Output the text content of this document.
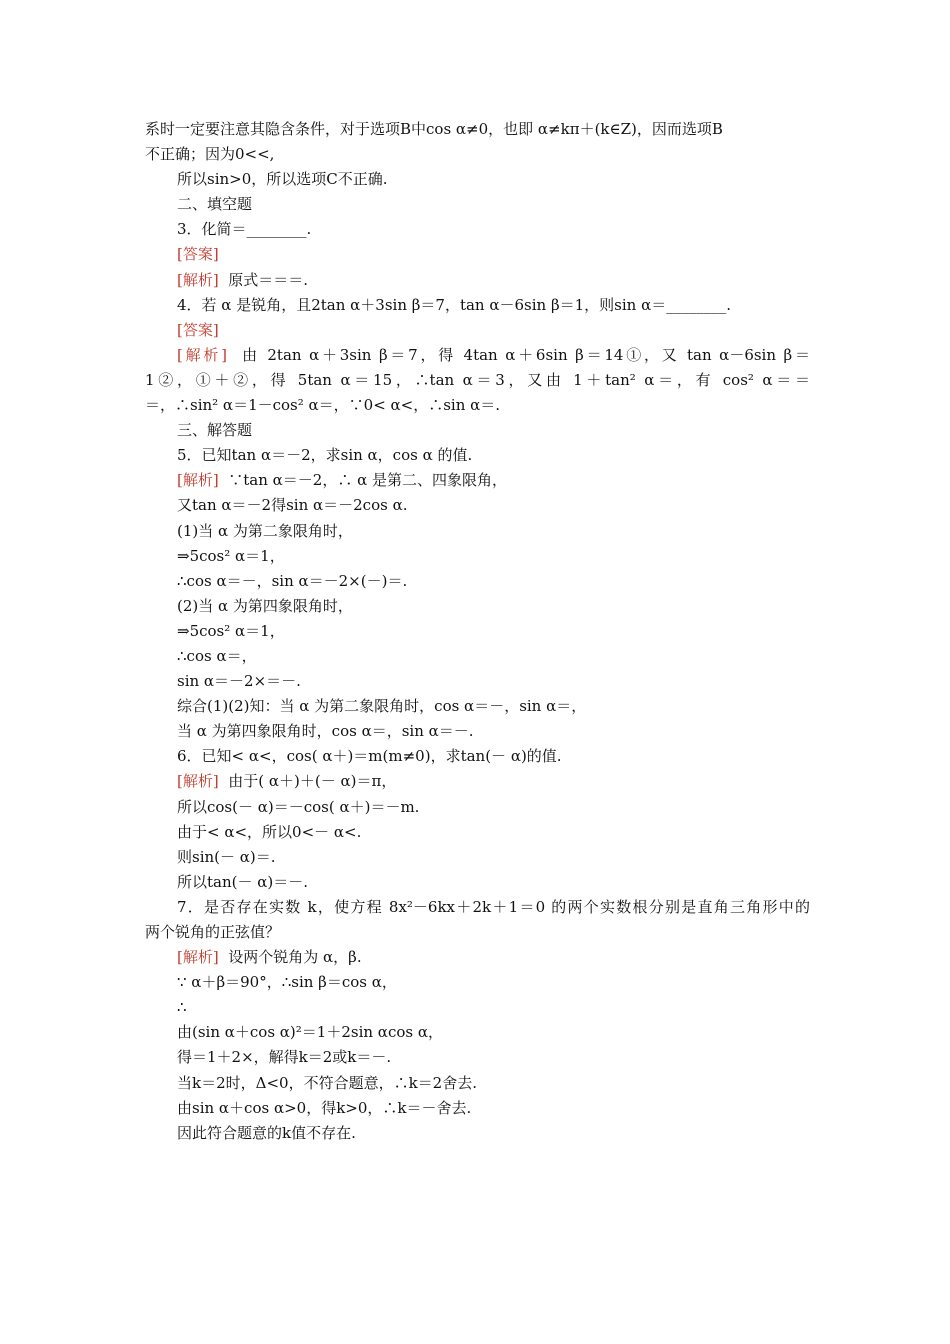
系时一定要注意其隐含条件，对于选项B中cos α≠0，也即 α≠kπ＋(k∈Z)，因而选项B
不正确；因为0<<,
所以sin>0，所以选项C不正确.
二、填空题
3．化简＝________.
[答案]
[解析] 原式＝＝＝.
4．若 α 是锐角，且2tan α＋3sin β＝7，tan α－6sin β＝1，则sin α＝________.
[答案]
[解析] 由 2tan α＋3sin β＝7，得 4tan α＋6sin β＝14①，又 tan α－6sin β＝
1②，①＋②，得 5tan α＝15，∴tan α＝3，又由 1＋tan² α＝，有 cos² α＝＝
＝，∴sin² α＝1－cos² α＝，∵0< α<，∴sin α＝.
三、解答题
5．已知tan α＝－2，求sin α，cos α 的值.
[解析] ∵tan α＝－2，∴ α 是第二、四象限角，
又tan α＝－2得sin α＝－2cos α.
(1)当 α 为第二象限角时，
⇒5cos² α＝1，
∴cos α＝－，sin α＝－2×(－)＝.
(2)当 α 为第四象限角时，
⇒5cos² α＝1，
∴cos α＝，
sin α＝－2×＝－.
综合(1)(2)知：当 α 为第二象限角时，cos α＝－，sin α＝，
当 α 为第四象限角时，cos α＝，sin α＝－.
6．已知< α<，cos( α＋)＝m(m≠0)，求tan(－ α)的值.
[解析] 由于( α＋)＋(－ α)＝π，
所以cos(－ α)＝－cos( α＋)＝－m.
由于< α<，所以0<－ α<.
则sin(－ α)＝.
所以tan(－ α)＝－.
7．是否存在实数 k，使方程 8x²－6kx＋2k＋1＝0 的两个实数根分别是直角三角形中的
两个锐角的正弦值？
[解析] 设两个锐角为 α，β.
∵ α＋β＝90°，∴sin β＝cos α，
∴
由(sin α＋cos α)²＝1＋2sin αcos α，
得＝1＋2×，解得k＝2或k＝－.
当k＝2时，Δ<0，不符合题意，∴k＝2舍去.
由sin α＋cos α>0，得k>0，∴k＝－舍去.
因此符合题意的k值不存在.
